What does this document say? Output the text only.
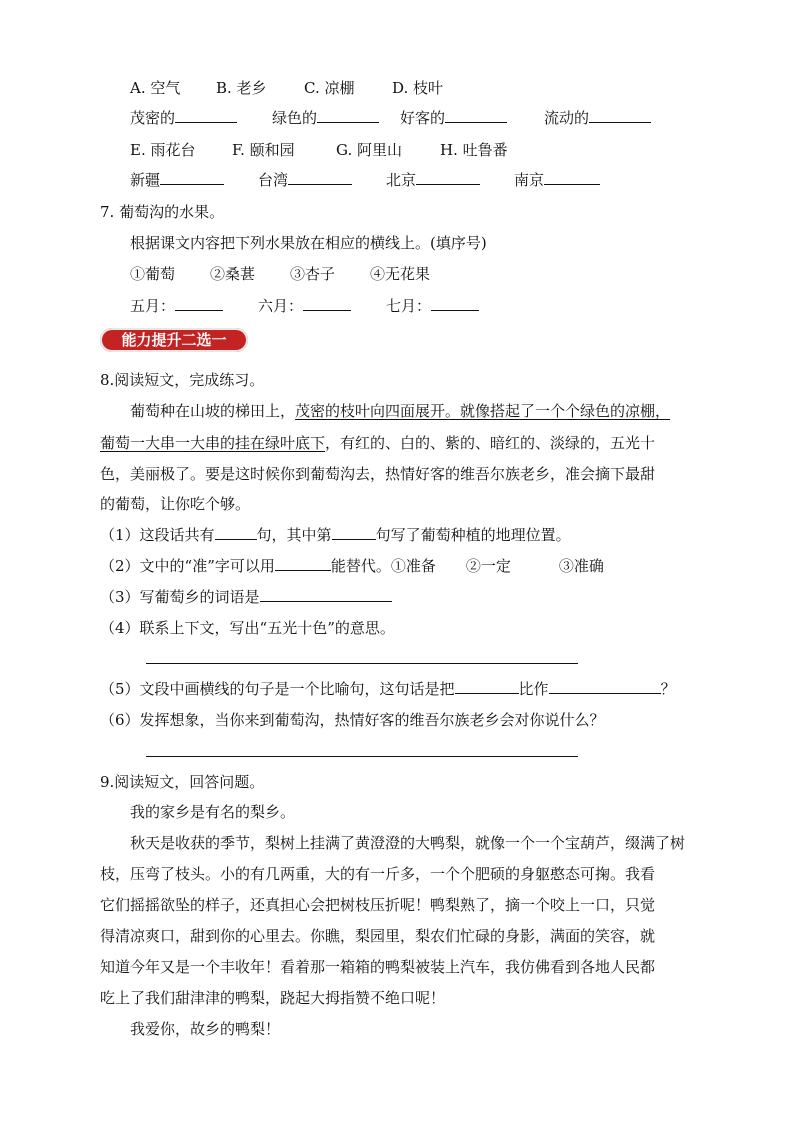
A. 空气 B. 老乡 C. 凉棚	D. 枝叶
茂密的	绿色的	好客的	流动的
E. 雨花台 F. 颐和园	G. 阿里山	H. 吐鲁番
新疆	台湾	北京	南京
7. 葡萄沟的水果。
根据课文内容把下列水果放在相应的横线上。(填序号)
①葡萄 ②桑葚 ③杏子 ④无花果
五月：	六月：	七月：
能力提升二选一
8.阅读短文，完成练习。
葡萄种在山坡的梯田上，茂密的枝叶向四面展开。就像搭起了一个个绿色的凉棚，
葡萄一大串一大串的挂在绿叶底下，有红的、白的、紫的、暗红的、淡绿的，五光十
色，美丽极了。要是这时候你到葡萄沟去，热情好客的维吾尔族老乡，准会摘下最甜
的葡萄，让你吃个够。
（1）这段话共有	句，其中第	句写了葡萄种植的地理位置。
（2）文中的“准”字可以用	能替代。①准备 ②一定	③准确
（3）写葡萄乡的词语是
（4）联系上下文，写出“五光十色”的意思。
（5）文段中画横线的句子是一个比喻句，这句话是把	比作	？
（6）发挥想象，当你来到葡萄沟，热情好客的维吾尔族老乡会对你说什么？
9.阅读短文，回答问题。
我的家乡是有名的梨乡。
秋天是收获的季节，梨树上挂满了黄澄澄的大鸭梨，就像一个一个宝葫芦，缀满了树
枝，压弯了枝头。小的有几两重，大的有一斤多，一个个肥硕的身躯憨态可掬。我看
它们摇摇欲坠的样子，还真担心会把树枝压折呢！鸭梨熟了，摘一个咬上一口，只觉
得清凉爽口，甜到你的心里去。你瞧，梨园里，梨农们忙碌的身影，满面的笑容，就
知道今年又是一个丰收年！看着那一箱箱的鸭梨被装上汽车，我仿佛看到各地人民都
吃上了我们甜津津的鸭梨，跷起大拇指赞不绝口呢！
我爱你，故乡的鸭梨！
